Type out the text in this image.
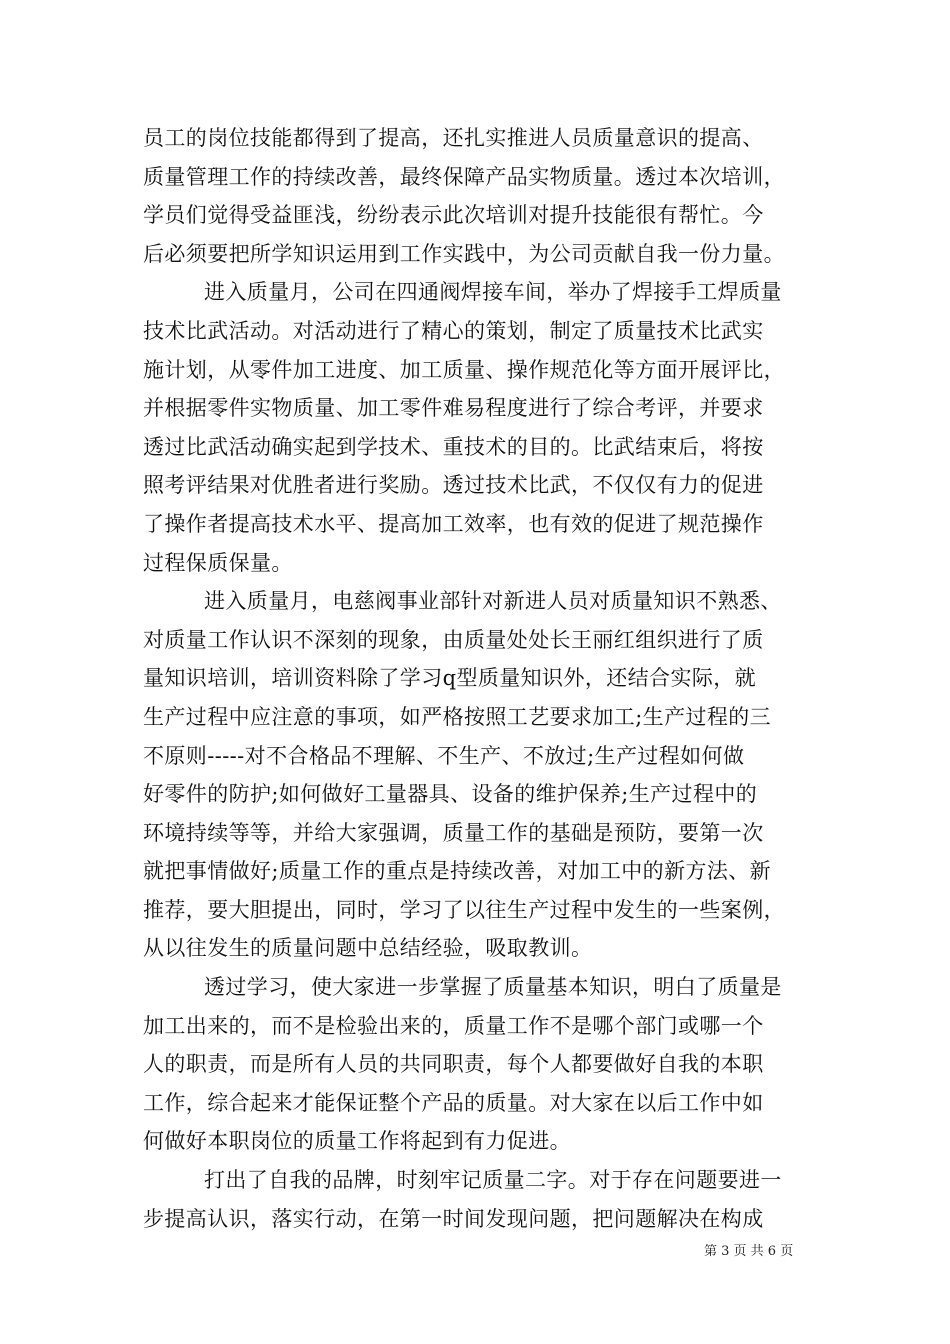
员工的岗位技能都得到了提高，还扎实推进人员质量意识的提高、
质量管理工作的持续改善，最终保障产品实物质量。透过本次培训，
学员们觉得受益匪浅，纷纷表示此次培训对提升技能很有帮忙。今
后必须要把所学知识运用到工作实践中，为公司贡献自我一份力量。
进入质量月，公司在四通阀焊接车间，举办了焊接手工焊质量
技术比武活动。对活动进行了精心的策划，制定了质量技术比武实
施计划，从零件加工进度、加工质量、操作规范化等方面开展评比，
并根据零件实物质量、加工零件难易程度进行了综合考评，并要求
透过比武活动确实起到学技术、重技术的目的。比武结束后，将按
照考评结果对优胜者进行奖励。透过技术比武，不仅仅有力的促进
了操作者提高技术水平、提高加工效率，也有效的促进了规范操作
过程保质保量。
进入质量月，电慈阀事业部针对新进人员对质量知识不熟悉、
对质量工作认识不深刻的现象，由质量处处长王丽红组织进行了质
量知识培训，培训资料除了学习q型质量知识外，还结合实际，就
生产过程中应注意的事项，如严格按照工艺要求加工;生产过程的三
不原则-----对不合格品不理解、不生产、不放过;生产过程如何做
好零件的防护;如何做好工量器具、设备的维护保养;生产过程中的
环境持续等等，并给大家强调，质量工作的基础是预防，要第一次
就把事情做好;质量工作的重点是持续改善，对加工中的新方法、新
推荐，要大胆提出，同时，学习了以往生产过程中发生的一些案例，
从以往发生的质量问题中总结经验，吸取教训。
透过学习，使大家进一步掌握了质量基本知识，明白了质量是
加工出来的，而不是检验出来的，质量工作不是哪个部门或哪一个
人的职责，而是所有人员的共同职责，每个人都要做好自我的本职
工作，综合起来才能保证整个产品的质量。对大家在以后工作中如
何做好本职岗位的质量工作将起到有力促进。
打出了自我的品牌，时刻牢记质量二字。对于存在问题要进一
步提高认识，落实行动，在第一时间发现问题，把问题解决在构成
第 3 页 共 6 页
